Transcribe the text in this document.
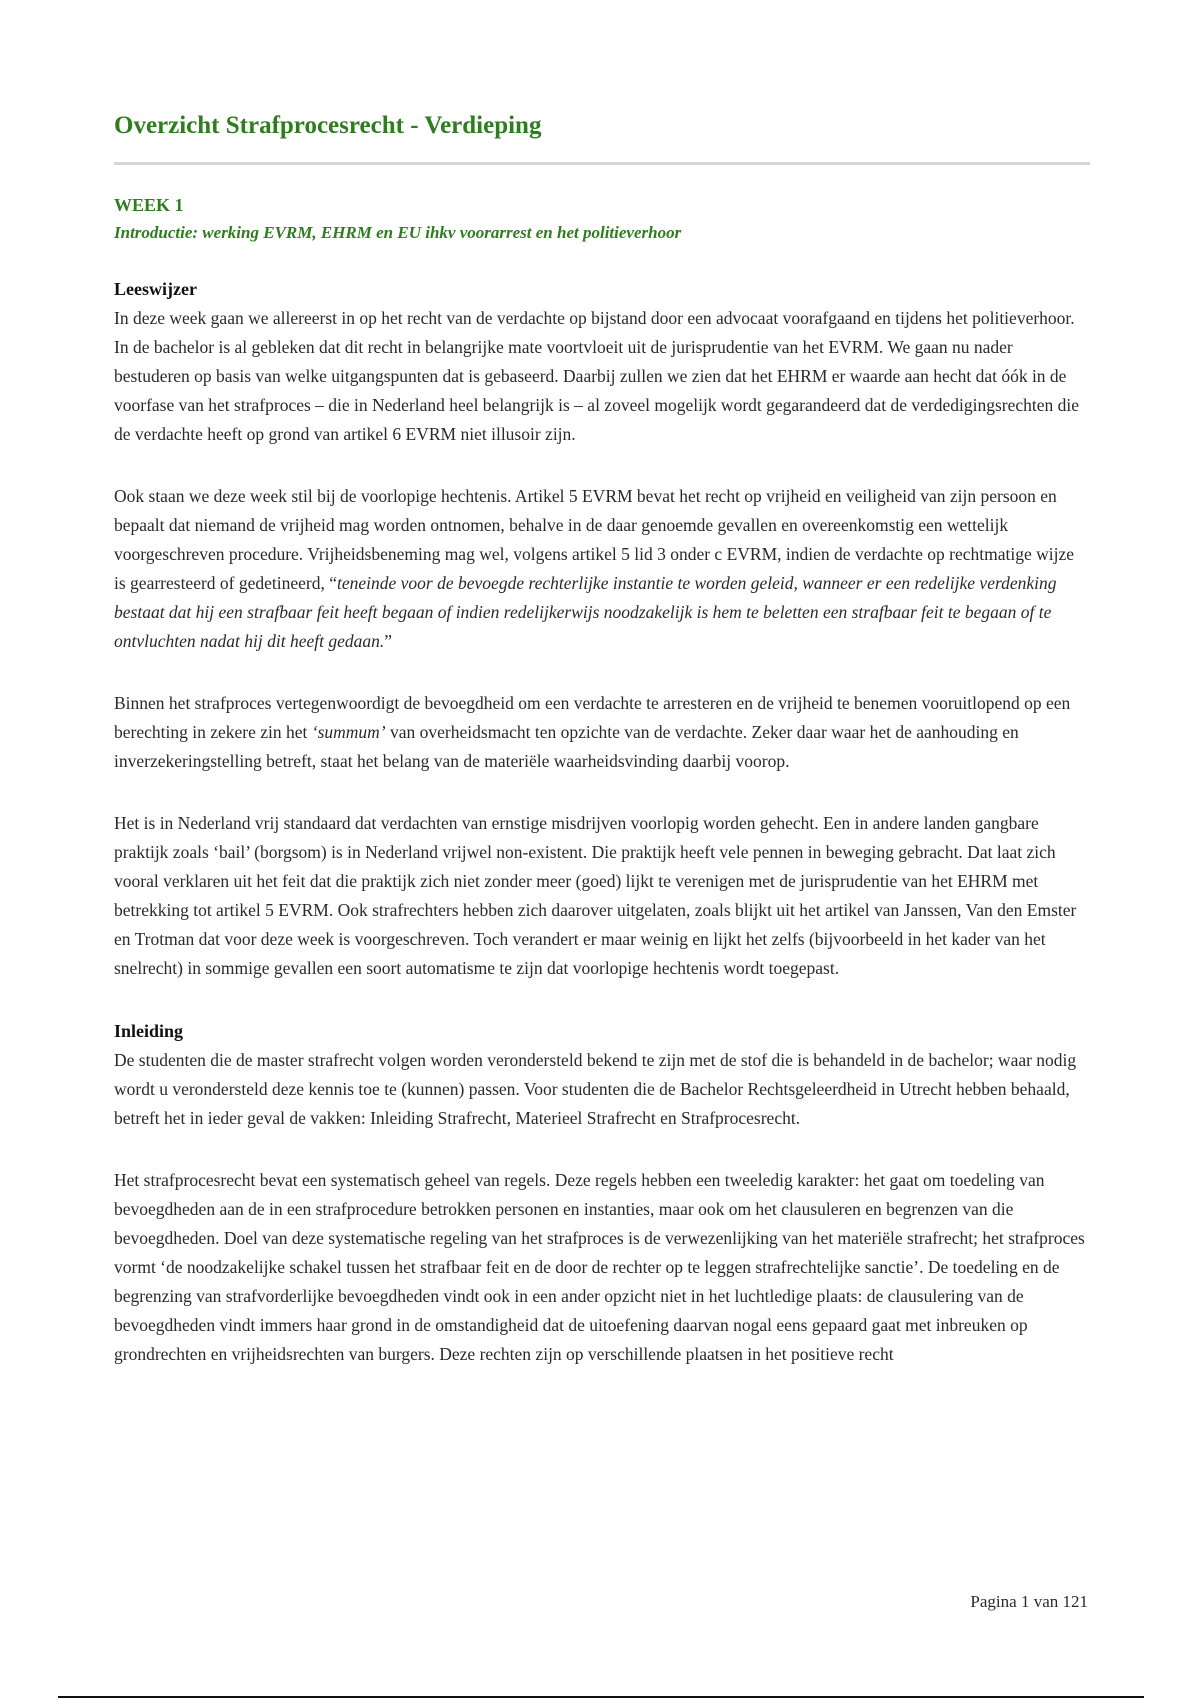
Overzicht Strafprocesrecht - Verdieping
WEEK 1
Introductie: werking EVRM, EHRM en EU ihkv voorarrest en het politieverhoor
Leeswijzer

In deze week gaan we allereerst in op het recht van de verdachte op bijstand door een advocaat voorafgaand en tijdens het politieverhoor. In de bachelor is al gebleken dat dit recht in belangrijke mate voortvloeit uit de jurisprudentie van het EVRM. We gaan nu nader bestuderen op basis van welke uitgangspunten dat is gebaseerd. Daarbij zullen we zien dat het EHRM er waarde aan hecht dat óók in de voorfase van het strafproces – die in Nederland heel belangrijk is – al zoveel mogelijk wordt gegarandeerd dat de verdedigingsrechten die de verdachte heeft op grond van artikel 6 EVRM niet illusoir zijn.

Ook staan we deze week stil bij de voorlopige hechtenis. Artikel 5 EVRM bevat het recht op vrijheid en veiligheid van zijn persoon en bepaalt dat niemand de vrijheid mag worden ontnomen, behalve in de daar genoemde gevallen en overeenkomstig een wettelijk voorgeschreven procedure. Vrijheidsbeneming mag wel, volgens artikel 5 lid 3 onder c EVRM, indien de verdachte op rechtmatige wijze is gearresteerd of gedetineerd, “teneinde voor de bevoegde rechterlijke instantie te worden geleid, wanneer er een redelijke verdenking bestaat dat hij een strafbaar feit heeft begaan of indien redelijkerwijs noodzakelijk is hem te beletten een strafbaar feit te begaan of te ontvluchten nadat hij dit heeft gedaan.”

Binnen het strafproces vertegenwoordigt de bevoegdheid om een verdachte te arresteren en de vrijheid te benemen vooruitlopend op een berechting in zekere zin het ‘summum’ van overheidsmacht ten opzichte van de verdachte. Zeker daar waar het de aanhouding en inverzekeringstelling betreft, staat het belang van de materiële waarheidsvinding daarbij voorop.

Het is in Nederland vrij standaard dat verdachten van ernstige misdrijven voorlopig worden gehecht. Een in andere landen gangbare praktijk zoals ‘bail’ (borgsom) is in Nederland vrijwel non-existent. Die praktijk heeft vele pennen in beweging gebracht. Dat laat zich vooral verklaren uit het feit dat die praktijk zich niet zonder meer (goed) lijkt te verenigen met de jurisprudentie van het EHRM met betrekking tot artikel 5 EVRM. Ook strafrechters hebben zich daarover uitgelaten, zoals blijkt uit het artikel van Janssen, Van den Emster en Trotman dat voor deze week is voorgeschreven. Toch verandert er maar weinig en lijkt het zelfs (bijvoorbeeld in het kader van het snelrecht) in sommige gevallen een soort automatisme te zijn dat voorlopige hechtenis wordt toegepast.

Inleiding

De studenten die de master strafrecht volgen worden verondersteld bekend te zijn met de stof die is behandeld in de bachelor; waar nodig wordt u verondersteld deze kennis toe te (kunnen) passen. Voor studenten die de Bachelor Rechtsgeleerdheid in Utrecht hebben behaald, betreft het in ieder geval de vakken: Inleiding Strafrecht, Materieel Strafrecht en Strafprocesrecht.

Het strafprocesrecht bevat een systematisch geheel van regels. Deze regels hebben een tweeledig karakter: het gaat om toedeling van bevoegdheden aan de in een strafprocedure betrokken personen en instanties, maar ook om het clausuleren en begrenzen van die bevoegdheden. Doel van deze systematische regeling van het strafproces is de verwezenlijking van het materiële strafrecht; het strafproces vormt ‘de noodzakelijke schakel tussen het strafbaar feit en de door de rechter op te leggen strafrechtelijke sanctie’. De toedeling en de begrenzing van strafvorderlijke bevoegdheden vindt ook in een ander opzicht niet in het luchtledige plaats: de clausulering van de bevoegdheden vindt immers haar grond in de omstandigheid dat de uitoefening daarvan nogal eens gepaard gaat met inbreuken op grondrechten en vrijheidsrechten van burgers. Deze rechten zijn op verschillende plaatsen in het positieve recht

Pagina 1 van 121
